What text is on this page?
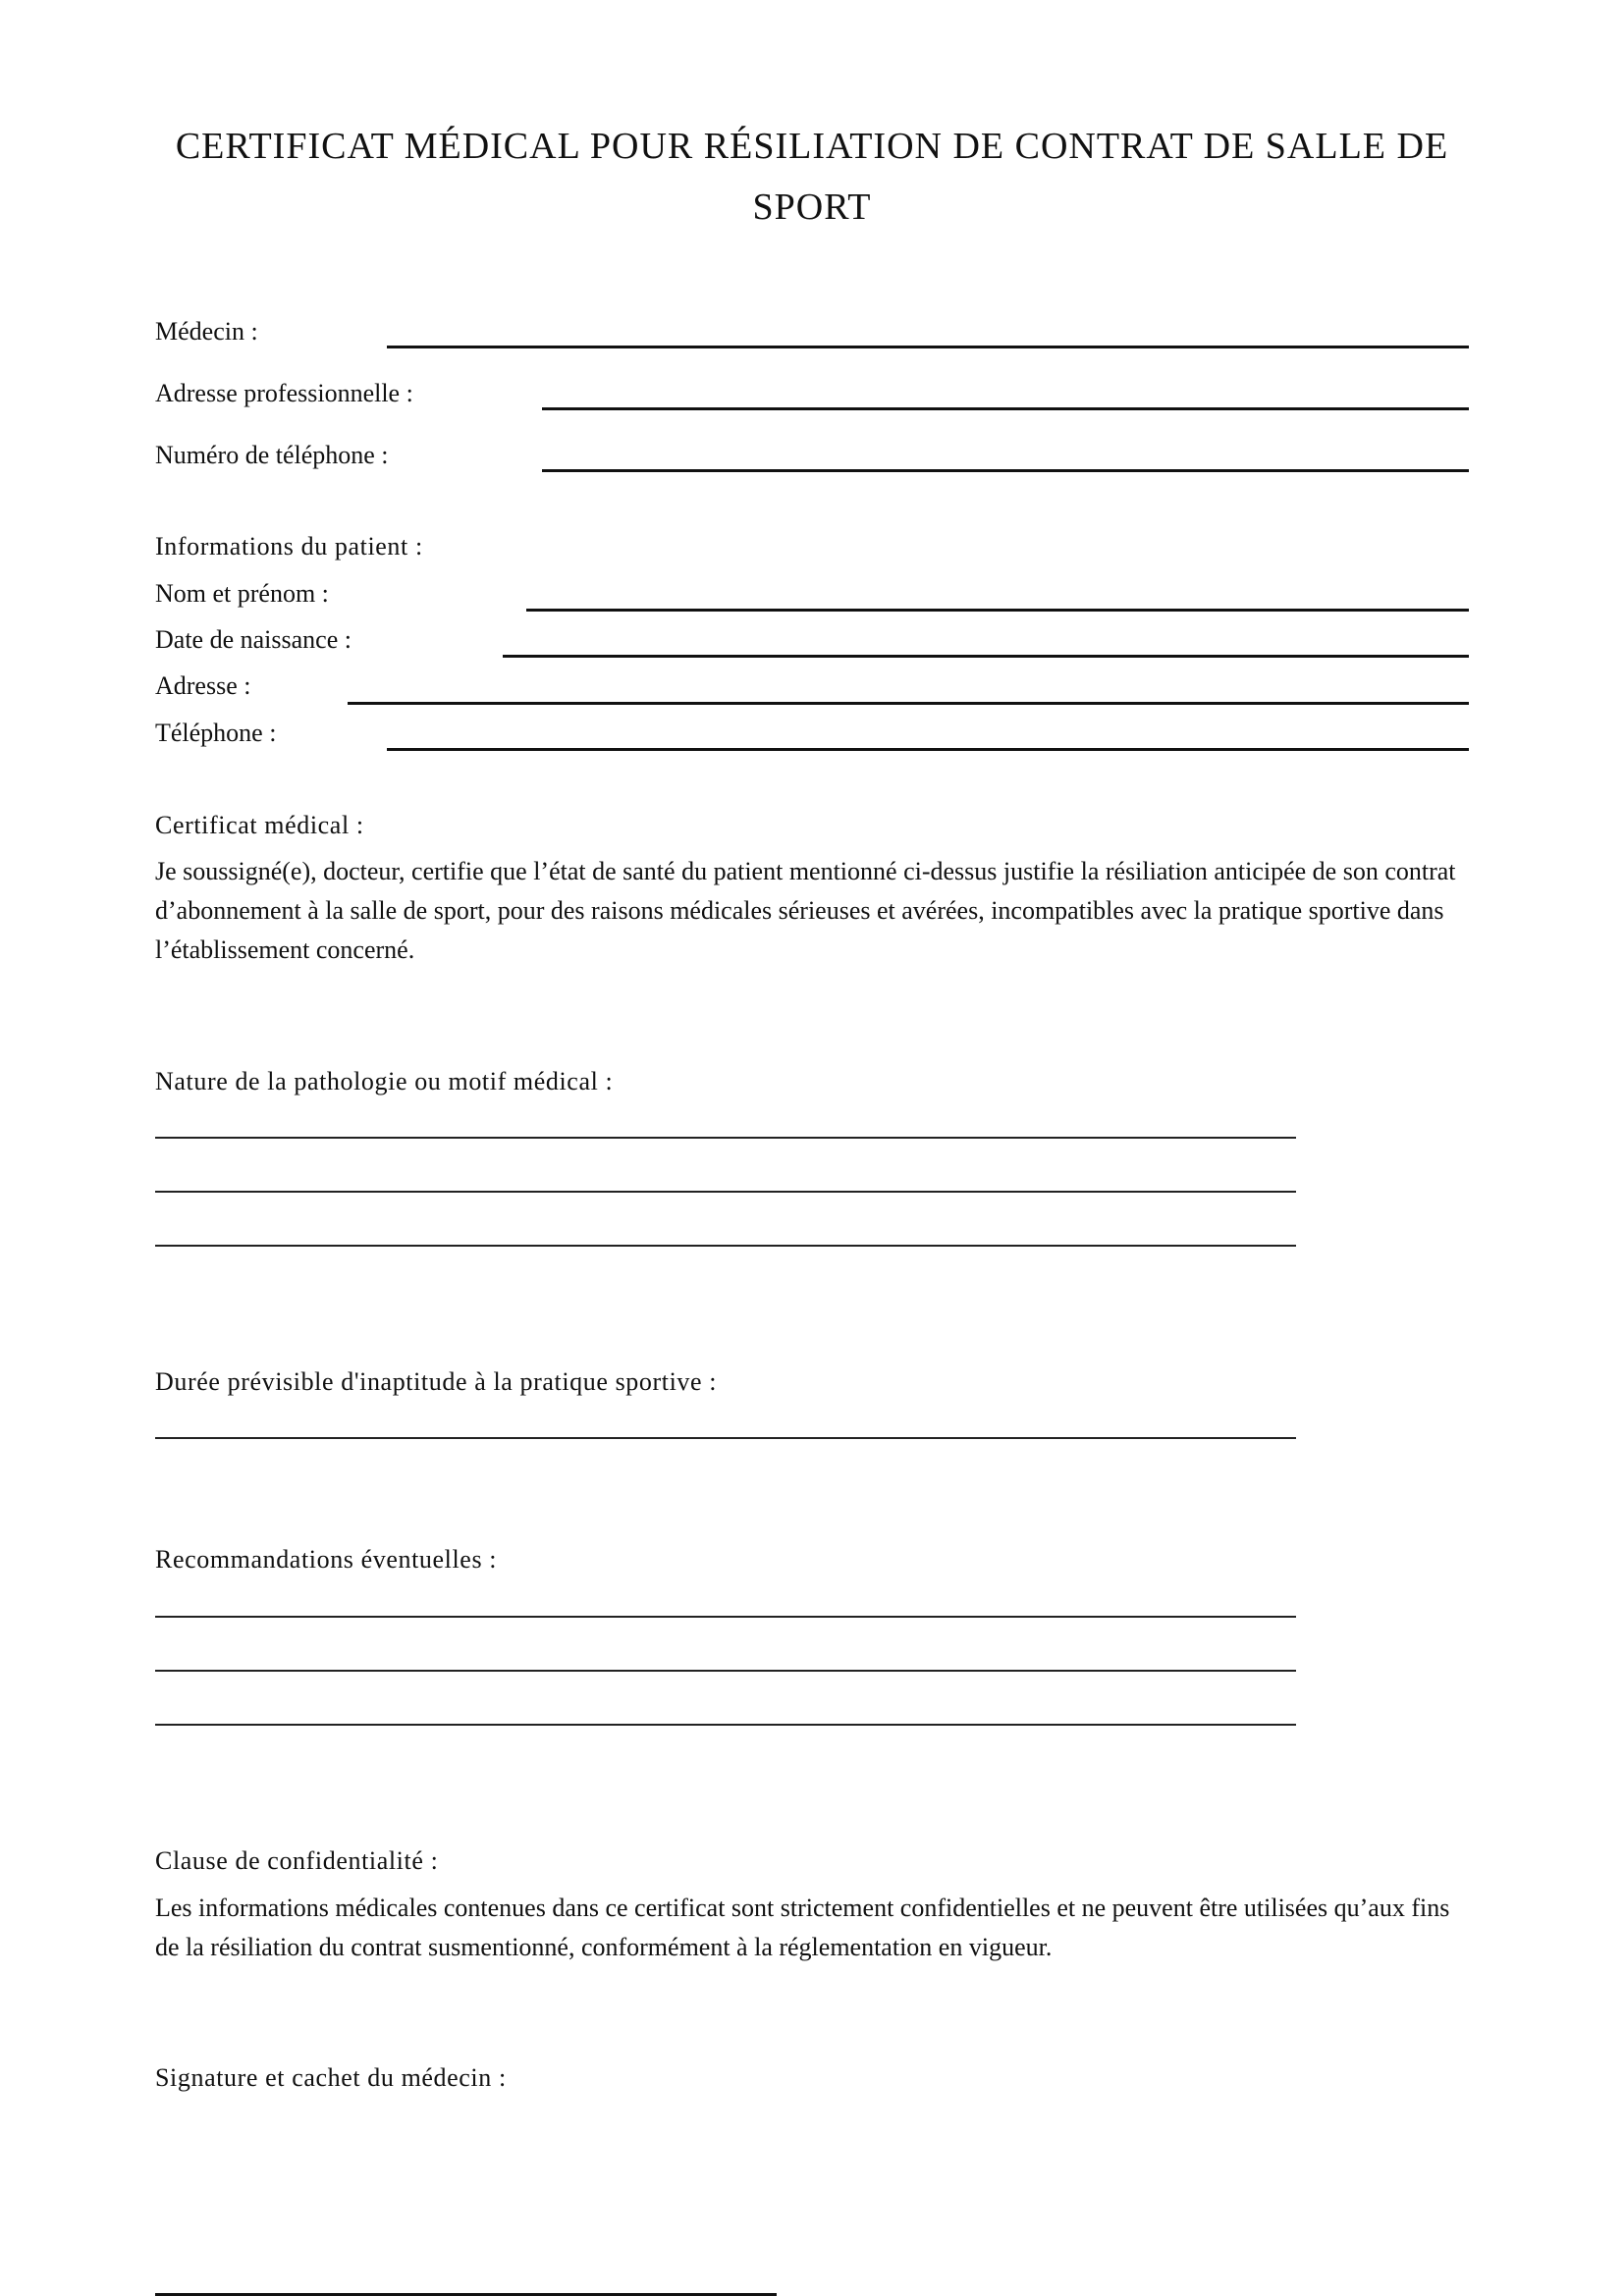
CERTIFICAT MÉDICAL POUR RÉSILIATION DE CONTRAT DE SALLE DE SPORT
Médecin :
Adresse professionnelle :
Numéro de téléphone :
Informations du patient :
Nom et prénom :
Date de naissance :
Adresse :
Téléphone :
Certificat médical :

Je soussigné(e), docteur, certifie que l’état de santé du patient mentionné ci-dessus justifie la résiliation anticipée de son contrat d’abonnement à la salle de sport, pour des raisons médicales sérieuses et avérées, incompatibles avec la pratique sportive dans l’établissement concerné.

Nature de la pathologie ou motif médical :
Durée prévisible d'inaptitude à la pratique sportive :
Recommandations éventuelles :
Clause de confidentialité :

Les informations médicales contenues dans ce certificat sont strictement confidentielles et ne peuvent être utilisées qu’aux fins de la résiliation du contrat susmentionné, conformément à la réglementation en vigueur.

Signature et cachet du médecin :
